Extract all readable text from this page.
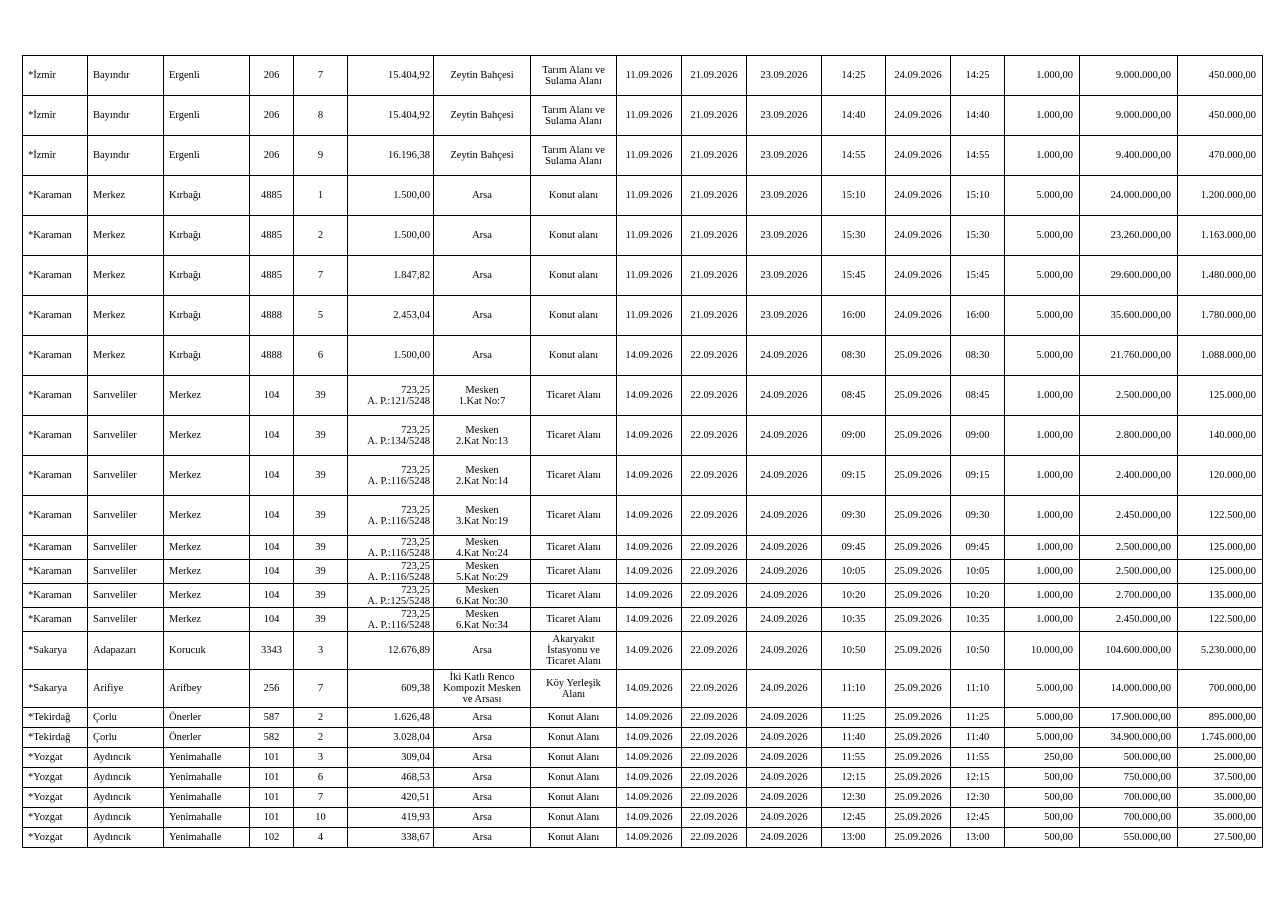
*İzmir	Bayındır	Ergenli	206	7	15.404,92	Zeytin Bahçesi	Tarım Alanı ve
Sulama Alanı	11.09.2026	21.09.2026	23.09.2026	14:25	24.09.2026	14:25	1.000,00	9.000.000,00	450.000,00
*İzmir	Bayındır	Ergenli	206	8	15.404,92	Zeytin Bahçesi	Tarım Alanı ve
Sulama Alanı	11.09.2026	21.09.2026	23.09.2026	14:40	24.09.2026	14:40	1.000,00	9.000.000,00	450.000,00
*İzmir	Bayındır	Ergenli	206	9	16.196,38	Zeytin Bahçesi	Tarım Alanı ve
Sulama Alanı	11.09.2026	21.09.2026	23.09.2026	14:55	24.09.2026	14:55	1.000,00	9.400.000,00	470.000,00
*Karaman	Merkez	Kırbağı	4885	1	1.500,00	Arsa	Konut alanı	11.09.2026	21.09.2026	23.09.2026	15:10	24.09.2026	15:10	5.000,00	24.000.000,00	1.200.000,00
*Karaman	Merkez	Kırbağı	4885	2	1.500,00	Arsa	Konut alanı	11.09.2026	21.09.2026	23.09.2026	15:30	24.09.2026	15:30	5.000,00	23.260.000,00	1.163.000,00
*Karaman	Merkez	Kırbağı	4885	7	1.847,82	Arsa	Konut alanı	11.09.2026	21.09.2026	23.09.2026	15:45	24.09.2026	15:45	5.000,00	29.600.000,00	1.480.000,00
*Karaman	Merkez	Kırbağı	4888	5	2.453,04	Arsa	Konut alanı	11.09.2026	21.09.2026	23.09.2026	16:00	24.09.2026	16:00	5.000,00	35.600.000,00	1.780.000,00
*Karaman	Merkez	Kırbağı	4888	6	1.500,00	Arsa	Konut alanı	14.09.2026	22.09.2026	24.09.2026	08:30	25.09.2026	08:30	5.000,00	21.760.000,00	1.088.000,00
*Karaman	Sarıveliler	Merkez	104	39	723,25
A. P.:121/5248	Mesken
1.Kat No:7	Ticaret Alanı	14.09.2026	22.09.2026	24.09.2026	08:45	25.09.2026	08:45	1.000,00	2.500.000,00	125.000,00
*Karaman	Sarıveliler	Merkez	104	39	723,25
A. P.:134/5248	Mesken
2.Kat No:13	Ticaret Alanı	14.09.2026	22.09.2026	24.09.2026	09:00	25.09.2026	09:00	1.000,00	2.800.000,00	140.000,00
*Karaman	Sarıveliler	Merkez	104	39	723,25
A. P.:116/5248	Mesken
2.Kat No:14	Ticaret Alanı	14.09.2026	22.09.2026	24.09.2026	09:15	25.09.2026	09:15	1.000,00	2.400.000,00	120.000,00
*Karaman	Sarıveliler	Merkez	104	39	723,25
A. P.:116/5248	Mesken
3.Kat No:19	Ticaret Alanı	14.09.2026	22.09.2026	24.09.2026	09:30	25.09.2026	09:30	1.000,00	2.450.000,00	122.500,00
*Karaman	Sarıveliler	Merkez	104	39	723,25
A. P.:116/5248	Mesken
4.Kat No:24	Ticaret Alanı	14.09.2026	22.09.2026	24.09.2026	09:45	25.09.2026	09:45	1.000,00	2.500.000,00	125.000,00
*Karaman	Sarıveliler	Merkez	104	39	723,25
A. P.:116/5248	Mesken
5.Kat No:29	Ticaret Alanı	14.09.2026	22.09.2026	24.09.2026	10:05	25.09.2026	10:05	1.000,00	2.500.000,00	125.000,00
*Karaman	Sarıveliler	Merkez	104	39	723,25
A. P.:125/5248	Mesken
6.Kat No:30	Ticaret Alanı	14.09.2026	22.09.2026	24.09.2026	10:20	25.09.2026	10:20	1.000,00	2.700.000,00	135.000,00
*Karaman	Sarıveliler	Merkez	104	39	723,25
A. P.:116/5248	Mesken
6.Kat No:34	Ticaret Alanı	14.09.2026	22.09.2026	24.09.2026	10:35	25.09.2026	10:35	1.000,00	2.450.000,00	122.500,00
*Sakarya	Adapazarı	Korucuk	3343	3	12.676,89	Arsa	Akaryakıt
İstasyonu ve
Ticaret Alanı	14.09.2026	22.09.2026	24.09.2026	10:50	25.09.2026	10:50	10.000,00	104.600.000,00	5.230.000,00
*Sakarya	Arifiye	Arifbey	256	7	609,38	İki Katlı Renco
Kompozit Mesken
ve Arsası	Köy Yerleşik
Alanı	14.09.2026	22.09.2026	24.09.2026	11:10	25.09.2026	11:10	5.000,00	14.000.000,00	700.000,00
*Tekirdağ	Çorlu	Önerler	587	2	1.626,48	Arsa	Konut Alanı	14.09.2026	22.09.2026	24.09.2026	11:25	25.09.2026	11:25	5.000,00	17.900.000,00	895.000,00
*Tekirdağ	Çorlu	Önerler	582	2	3.028,04	Arsa	Konut Alanı	14.09.2026	22.09.2026	24.09.2026	11:40	25.09.2026	11:40	5.000,00	34.900.000,00	1.745.000,00
*Yozgat	Aydıncık	Yenimahalle	101	3	309,04	Arsa	Konut Alanı	14.09.2026	22.09.2026	24.09.2026	11:55	25.09.2026	11:55	250,00	500.000,00	25.000,00
*Yozgat	Aydıncık	Yenimahalle	101	6	468,53	Arsa	Konut Alanı	14.09.2026	22.09.2026	24.09.2026	12:15	25.09.2026	12:15	500,00	750.000,00	37.500,00
*Yozgat	Aydıncık	Yenimahalle	101	7	420,51	Arsa	Konut Alanı	14.09.2026	22.09.2026	24.09.2026	12:30	25.09.2026	12:30	500,00	700.000,00	35.000,00
*Yozgat	Aydıncık	Yenimahalle	101	10	419,93	Arsa	Konut Alanı	14.09.2026	22.09.2026	24.09.2026	12:45	25.09.2026	12:45	500,00	700.000,00	35.000,00
*Yozgat	Aydıncık	Yenimahalle	102	4	338,67	Arsa	Konut Alanı	14.09.2026	22.09.2026	24.09.2026	13:00	25.09.2026	13:00	500,00	550.000,00	27.500,00
